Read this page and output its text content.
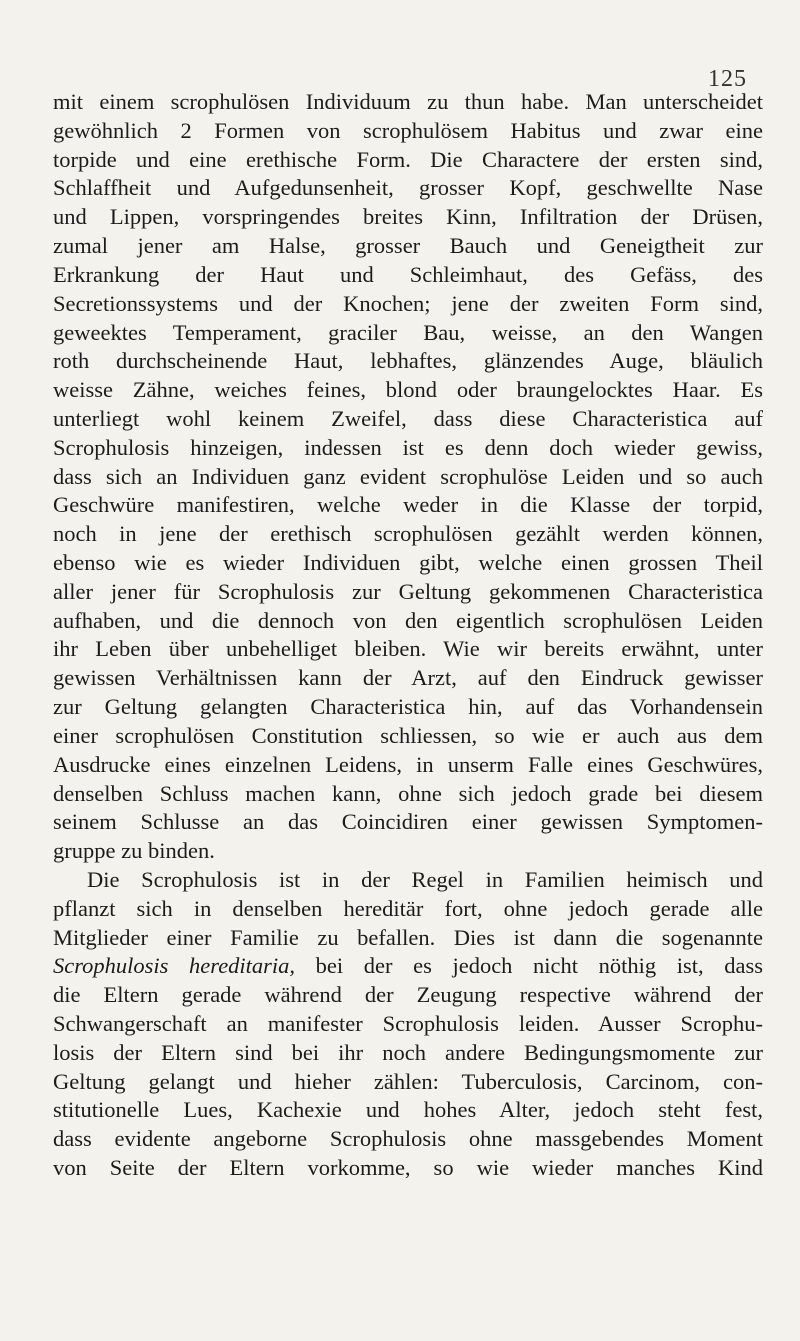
125
mit einem scrophulösen Individuum zu thun habe. Man unterscheidet
gewöhnlich 2 Formen von scrophulösem Habitus und zwar eine
torpide und eine erethische Form. Die Charactere der ersten sind,
Schlaffheit und Aufgedunsenheit, grosser Kopf, geschwellte Nase
und Lippen, vorspringendes breites Kinn, Infiltration der Drüsen,
zumal jener am Halse, grosser Bauch und Geneigtheit zur
Erkrankung der Haut und Schleimhaut, des Gefäss, des
Secretionssystems und der Knochen; jene der zweiten Form sind,
geweektes Temperament, graciler Bau, weisse, an den Wangen
roth durchscheinende Haut, lebhaftes, glänzendes Auge, bläulich
weisse Zähne, weiches feines, blond oder braungelocktes Haar. Es
unterliegt wohl keinem Zweifel, dass diese Characteristica auf
Scrophulosis hinzeigen, indessen ist es denn doch wieder gewiss,
dass sich an Individuen ganz evident scrophulöse Leiden und so auch
Geschwüre manifestiren, welche weder in die Klasse der torpid,
noch in jene der erethisch scrophulösen gezählt werden können,
ebenso wie es wieder Individuen gibt, welche einen grossen Theil
aller jener für Scrophulosis zur Geltung gekommenen Characteristica
aufhaben, und die dennoch von den eigentlich scrophulösen Leiden
ihr Leben über unbehelliget bleiben. Wie wir bereits erwähnt, unter
gewissen Verhältnissen kann der Arzt, auf den Eindruck gewisser
zur Geltung gelangten Characteristica hin, auf das Vorhandensein
einer scrophulösen Constitution schliessen, so wie er auch aus dem
Ausdrucke eines einzelnen Leidens, in unserm Falle eines Geschwüres,
denselben Schluss machen kann, ohne sich jedoch grade bei diesem
seinem Schlusse an das Coincidiren einer gewissen Symptomen-
gruppe zu binden.
Die Scrophulosis ist in der Regel in Familien heimisch und
pflanzt sich in denselben hereditär fort, ohne jedoch gerade alle
Mitglieder einer Familie zu befallen. Dies ist dann die sogenannte
Scrophulosis hereditaria, bei der es jedoch nicht nöthig ist, dass
die Eltern gerade während der Zeugung respective während der
Schwangerschaft an manifester Scrophulosis leiden. Ausser Scrophu-
losis der Eltern sind bei ihr noch andere Bedingungsmomente zur
Geltung gelangt und hieher zählen: Tuberculosis, Carcinom, con-
stitutionelle Lues, Kachexie und hohes Alter, jedoch steht fest,
dass evidente angeborne Scrophulosis ohne massgebendes Moment
von Seite der Eltern vorkomme, so wie wieder manches Kind
